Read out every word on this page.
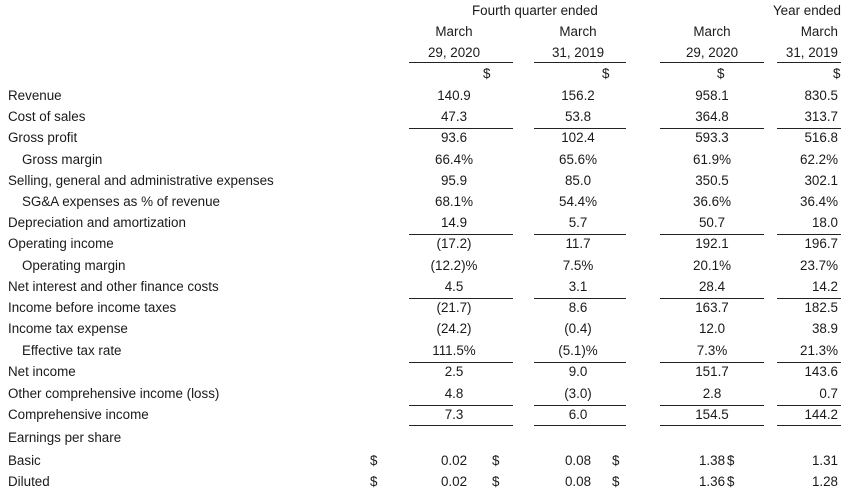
Fourth quarter ended	Year ended
March	March	March	March
29, 2020	31, 2019	29, 2020	31, 2019
$	$	$	$
Revenue	140.9	156.2	958.1	830.5
Cost of sales	47.3	53.8	364.8	313.7
Gross profit	93.6	102.4	593.3	516.8
Gross margin	66.4%	65.6%	61.9%	62.2%
Selling, general and administrative expenses	95.9	85.0	350.5	302.1
SG&A expenses as % of revenue	68.1%	54.4%	36.6%	36.4%
Depreciation and amortization	14.9	5.7	50.7	18.0
Operating income	(17.2)	11.7	192.1	196.7
Operating margin	(12.2)%	7.5%	20.1%	23.7%
Net interest and other finance costs	4.5	3.1	28.4	14.2
Income before income taxes	(21.7)	8.6	163.7	182.5
Income tax expense	(24.2)	(0.4)	12.0	38.9
Effective tax rate	111.5%	(5.1)%	7.3%	21.3%
Net income	2.5	9.0	151.7	143.6
Other comprehensive income (loss)	4.8	(3.0)	2.8	0.7
Comprehensive income	7.3	6.0	154.5	144.2
Earnings per share
Basic	0.02	0.08	1.38	1.31
$	$	$	$
Diluted	0.02	0.08	1.36	1.28
$	$	$	$
